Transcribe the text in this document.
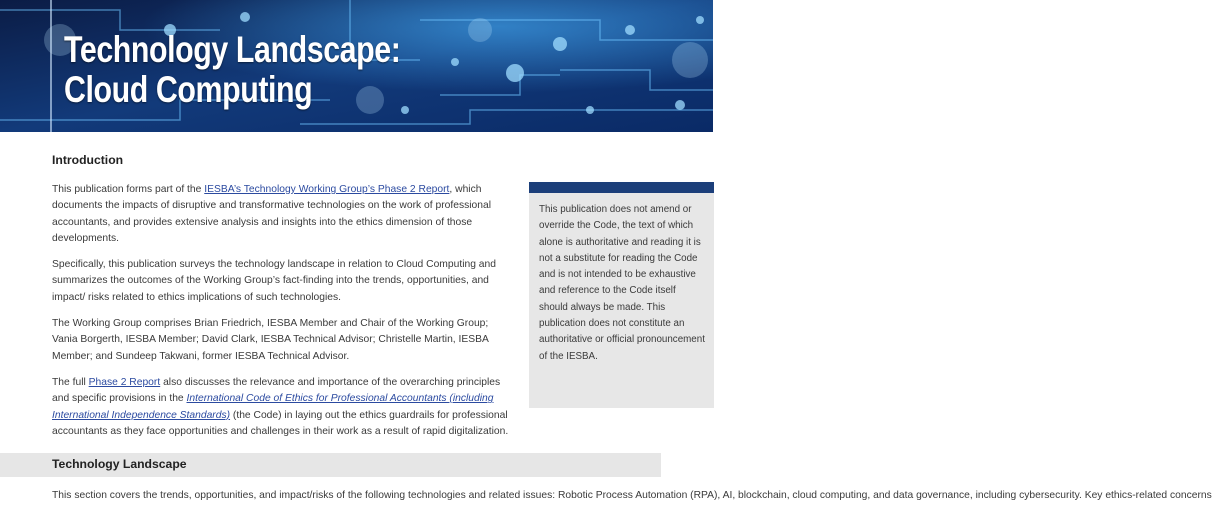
Technology Landscape:
Cloud Computing
Introduction

This publication forms part of the IESBA’s Technology Working Group’s Phase 2 Report, which documents the impacts of disruptive and transformative technologies on the work of professional accountants, and provides extensive analysis and insights into the ethics dimension of those developments.

Specifically, this publication surveys the technology landscape in relation to Cloud Computing and summarizes the outcomes of the Working Group’s fact-finding into the trends, opportunities, and impact/ risks related to ethics implications of such technologies.

The Working Group comprises Brian Friedrich, IESBA Member and Chair of the Working Group; Vania Borgerth, IESBA Member; David Clark, IESBA Technical Advisor; Christelle Martin, IESBA Member; and Sundeep Takwani, former IESBA Technical Advisor.

The full Phase 2 Report also discusses the relevance and importance of the overarching principles and specific provisions in the International Code of Ethics for Professional Accountants (including International Independence Standards) (the Code) in laying out the ethics guardrails for professional accountants as they face opportunities and challenges in their work as a result of rapid digitalization.

This publication does not amend or override the Code, the text of which alone is authoritative and reading it is not a substitute for reading the Code and is not intended to be exhaustive and reference to the Code itself should always be made. This publication does not constitute an authoritative or official pronouncement of the IESBA.

Technology Landscape
This section covers the trends, opportunities, and impact/risks of the following technologies and related issues: Robotic Process Automation (RPA), AI, blockchain, cloud computing, and data governance, including cybersecurity. Key ethics-related concerns
